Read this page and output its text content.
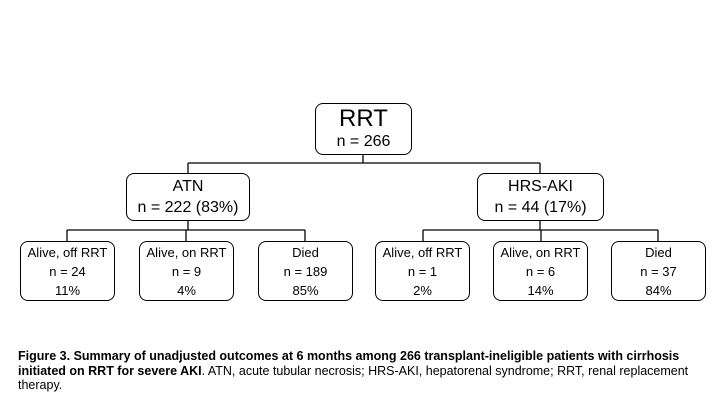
RRT
n = 266
ATN
n = 222 (83%)
HRS-AKI
n = 44 (17%)
Alive, off RRT
n = 24
11%
Alive, on RRT
n = 9
4%
Died
n = 189
85%
Alive, off RRT
n = 1
2%
Alive, on RRT
n = 6
14%
Died
n = 37
84%
Figure 3. Summary of unadjusted outcomes at 6 months among 266 transplant-ineligible patients with cirrhosis initiated on RRT for severe AKI. ATN, acute tubular necrosis; HRS-AKI, hepatorenal syndrome; RRT, renal replacement therapy.
